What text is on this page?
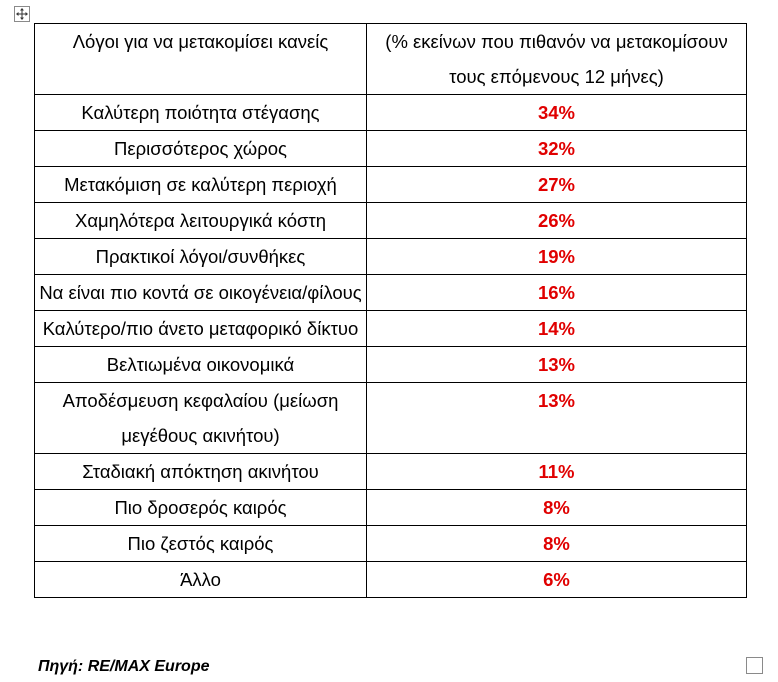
Λόγοι για να μετακομίσει κανείς	(% εκείνων που πιθανόν να μετακομίσουν τους επόμενους 12 μήνες)
Καλύτερη ποιότητα στέγασης	34%
Περισσότερος χώρος	32%
Μετακόμιση σε καλύτερη περιοχή	27%
Χαμηλότερα λειτουργικά κόστη	26%
Πρακτικοί λόγοι/συνθήκες	19%
Να είναι πιο κοντά σε οικογένεια/φίλους	16%
Καλύτερο/πιο άνετο μεταφορικό δίκτυο	14%
Βελτιωμένα οικονομικά	13%
Αποδέσμευση κεφαλαίου (μείωση μεγέθους ακινήτου)	13%
Σταδιακή απόκτηση ακινήτου	11%
Πιο δροσερός καιρός	8%
Πιο ζεστός καιρός	8%
Άλλο	6%
Πηγή: RE/MAX Europe
